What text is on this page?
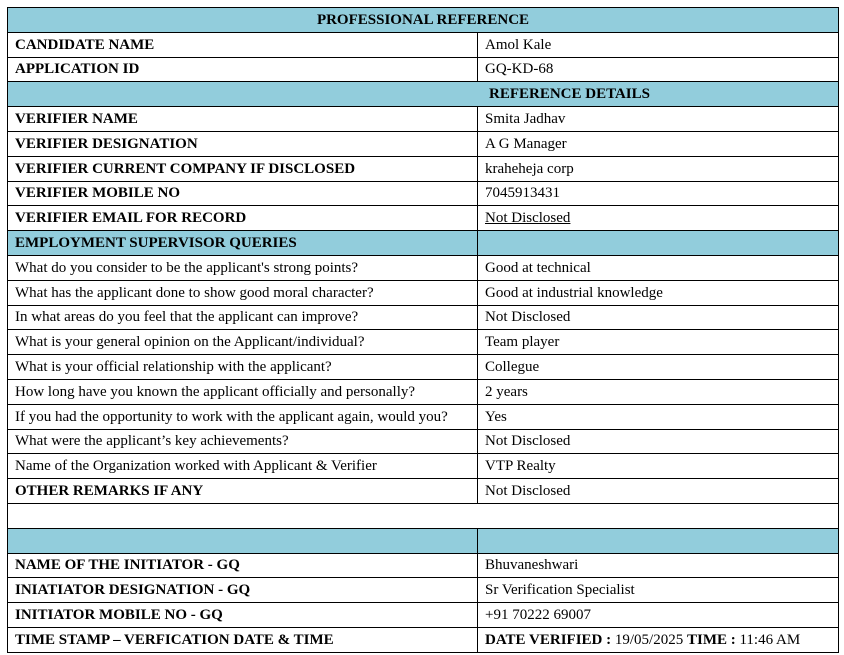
PROFESSIONAL REFERENCE	
CANDIDATE NAME	Amol Kale
APPLICATION ID	GQ-KD-68
REFERENCE DETAILS	
VERIFIER NAME	Smita Jadhav
VERIFIER DESIGNATION	A G Manager
VERIFIER CURRENT COMPANY IF DISCLOSED	kraheheja corp
VERIFIER MOBILE NO	7045913431
VERIFIER EMAIL FOR RECORD	Not Disclosed
EMPLOYMENT SUPERVISOR QUERIES	
What do you consider to be the applicant's strong points?	Good at technical
What has the applicant done to show good moral character?	Good at industrial knowledge
In what areas do you feel that the applicant can improve?	Not Disclosed
What is your general opinion on the Applicant/individual?	Team player
What is your official relationship with the applicant?	Collegue
How long have you known the applicant officially and personally?	2 years
If you had the opportunity to work with the applicant again, would you?	Yes
What were the applicant’s key achievements?	Not Disclosed
Name of the Organization worked with Applicant & Verifier	VTP Realty
OTHER REMARKS IF ANY	Not Disclosed

NAME OF THE INITIATOR - GQ	Bhuvaneshwari
INIATIATOR DESIGNATION - GQ	Sr Verification Specialist
INITIATOR MOBILE NO - GQ	+91 70222 69007
TIME STAMP – VERFICATION DATE & TIME	DATE VERIFIED : 19/05/2025 TIME : 11:46 AM
